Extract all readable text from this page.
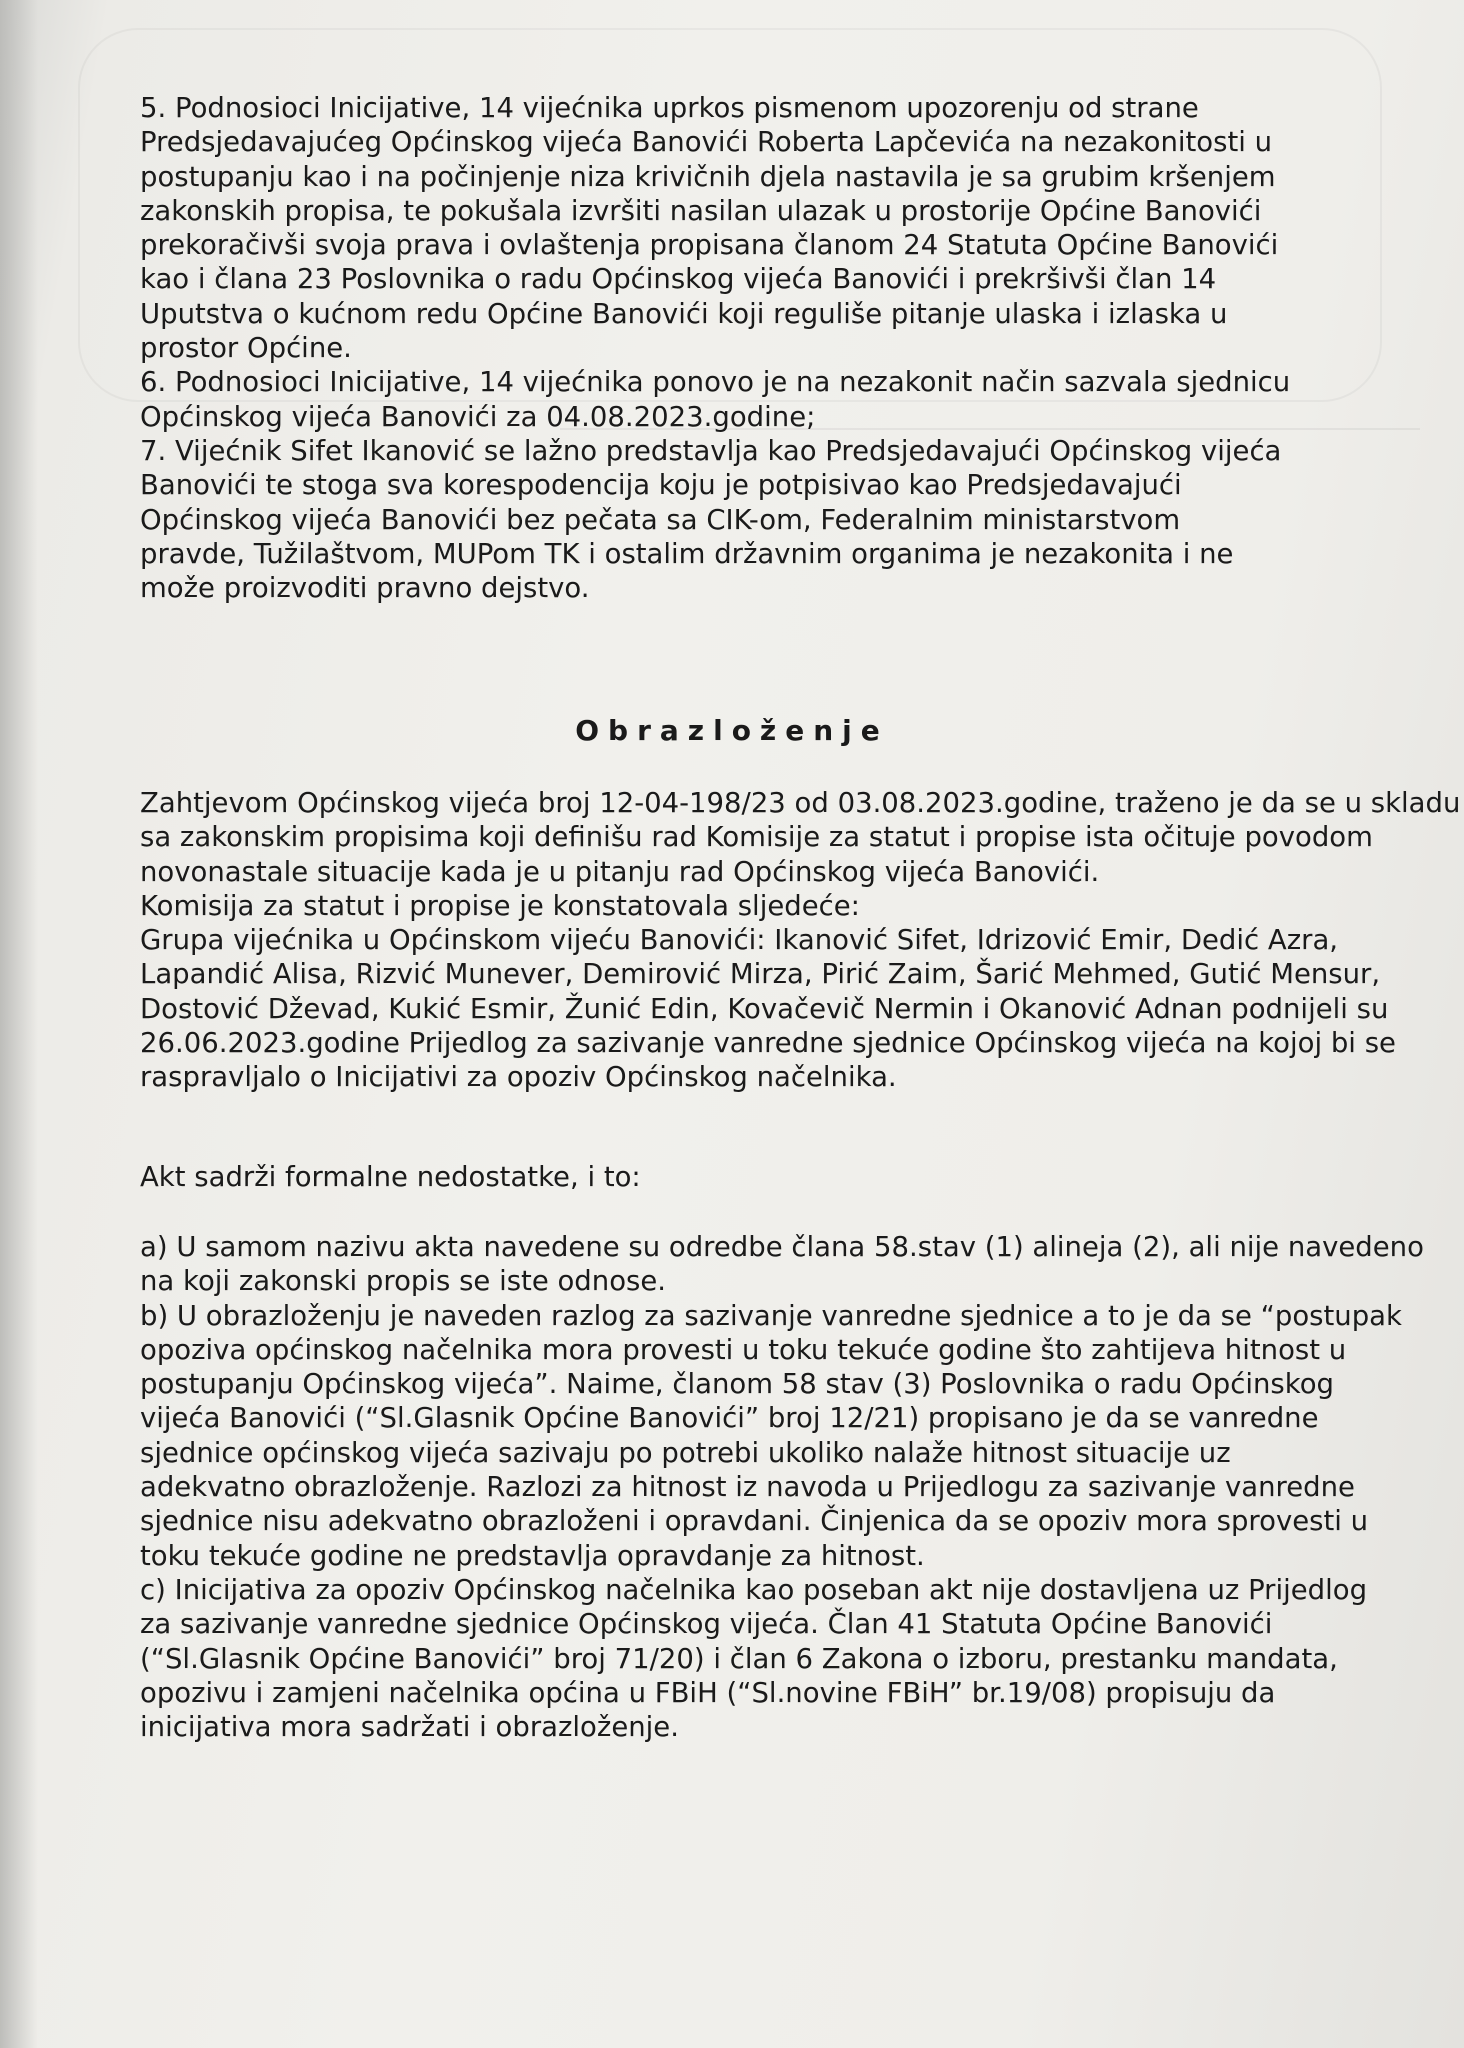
5. Podnosioci Inicijative, 14 vijećnika uprkos pismenom upozorenju od strane

Predsjedavajućeg Općinskog vijeća Banovići Roberta Lapčevića na nezakonitosti u

postupanju kao i na počinjenje niza krivičnih djela nastavila je sa grubim kršenjem

zakonskih propisa, te pokušala izvršiti nasilan ulazak u prostorije Općine Banovići

prekoračivši svoja prava i ovlaštenja propisana članom 24 Statuta Općine Banovići

kao i člana 23 Poslovnika o radu Općinskog vijeća Banovići i prekršivši član 14

Uputstva o kućnom redu Općine Banovići koji reguliše pitanje ulaska i izlaska u

prostor Općine.

6. Podnosioci Inicijative, 14 vijećnika ponovo je na nezakonit način sazvala sjednicu

Općinskog vijeća Banovići za 04.08.2023.godine;

7. Vijećnik Sifet Ikanović se lažno predstavlja kao Predsjedavajući Općinskog vijeća

Banovići te stoga sva korespodencija koju je potpisivao kao Predsjedavajući

Općinskog vijeća Banovići bez pečata sa CIK-om, Federalnim ministarstvom

pravde, Tužilaštvom, MUPom TK i ostalim državnim organima je nezakonita i ne

može proizvoditi pravno dejstvo.

Obrazloženje

Zahtjevom Općinskog vijeća broj 12-04-198/23 od 03.08.2023.godine, traženo je da se u skladu

sa zakonskim propisima koji definišu rad Komisije za statut i propise ista očituje povodom

novonastale situacije kada je u pitanju rad Općinskog vijeća Banovići.

Komisija za statut i propise je konstatovala sljedeće:

Grupa vijećnika u Općinskom vijeću Banovići: Ikanović Sifet, Idrizović Emir, Dedić Azra,

Lapandić Alisa, Rizvić Munever, Demirović Mirza, Pirić Zaim, Šarić Mehmed, Gutić Mensur,

Dostović Dževad, Kukić Esmir, Žunić Edin, Kovačevič Nermin i Okanović Adnan podnijeli su

26.06.2023.godine Prijedlog za sazivanje vanredne sjednice Općinskog vijeća na kojoj bi se

raspravljalo o Inicijativi za opoziv Općinskog načelnika.

Akt sadrži formalne nedostatke, i to:

a) U samom nazivu akta navedene su odredbe člana 58.stav (1) alineja (2), ali nije navedeno

na koji zakonski propis se iste odnose.

b) U obrazloženju je naveden razlog za sazivanje vanredne sjednice a to je da se “postupak

opoziva općinskog načelnika mora provesti u toku tekuće godine što zahtijeva hitnost u

postupanju Općinskog vijeća”. Naime, članom 58 stav (3) Poslovnika o radu Općinskog

vijeća Banovići (“Sl.Glasnik Općine Banovići” broj 12/21) propisano je da se vanredne

sjednice općinskog vijeća sazivaju po potrebi ukoliko nalaže hitnost situacije uz

adekvatno obrazloženje. Razlozi za hitnost iz navoda u Prijedlogu za sazivanje vanredne

sjednice nisu adekvatno obrazloženi i opravdani. Činjenica da se opoziv mora sprovesti u

toku tekuće godine ne predstavlja opravdanje za hitnost.

c) Inicijativa za opoziv Općinskog načelnika kao poseban akt nije dostavljena uz Prijedlog

za sazivanje vanredne sjednice Općinskog vijeća. Član 41 Statuta Općine Banovići

(“Sl.Glasnik Općine Banovići” broj 71/20) i član 6 Zakona o izboru, prestanku mandata,

opozivu i zamjeni načelnika općina u FBiH (“Sl.novine FBiH” br.19/08) propisuju da

inicijativa mora sadržati i obrazloženje.
